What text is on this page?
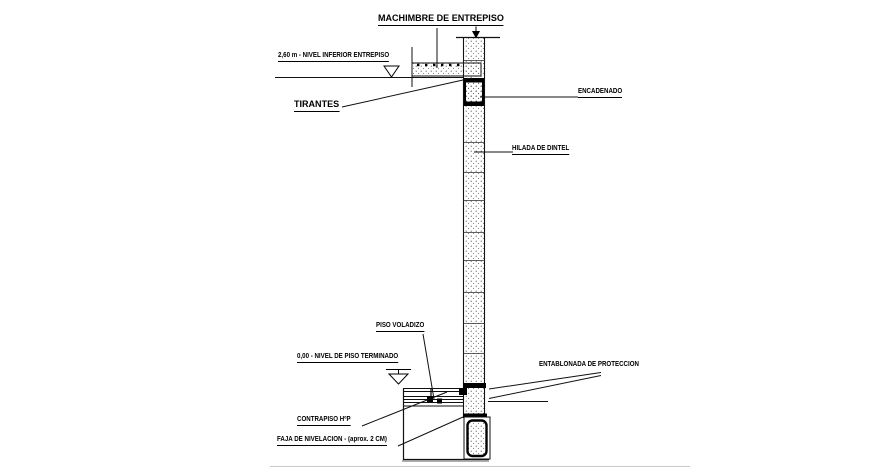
MACHIMBRE DE ENTREPISO
2,60 m - NIVEL INFERIOR ENTREPISO
TIRANTES
ENCADENADO
HILADA DE DINTEL
PISO VOLADIZO
0,00 - NIVEL DE PISO TERMINADO
ENTABLONADA DE PROTECCION
CONTRAPISO HºP
FAJA DE NIVELACION - (aprox. 2 CM)
